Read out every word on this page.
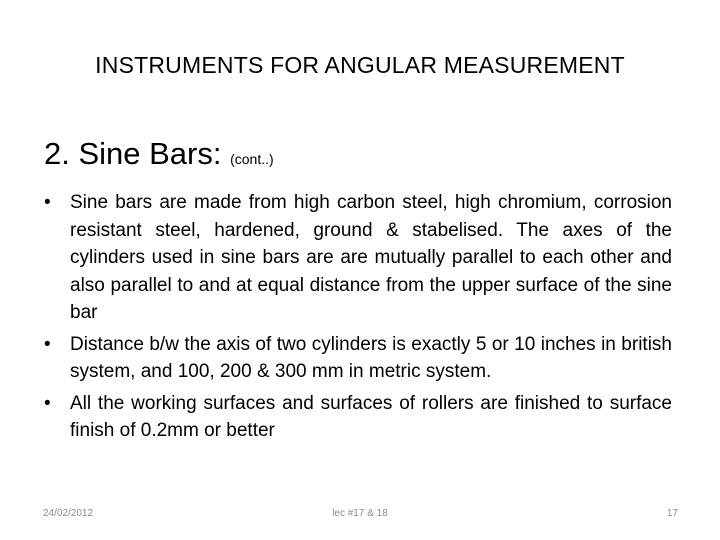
INSTRUMENTS FOR ANGULAR MEASUREMENT
2. Sine Bars: (cont..)
• Sine bars are made from high carbon steel, high chromium, corrosion resistant steel, hardened, ground & stabelised. The axes of the cylinders used in sine bars are are mutually parallel to each other and also parallel to and at equal distance from the upper surface of the sine bar
• Distance b/w the axis of two cylinders is exactly 5 or 10 inches in british system, and 100, 200 & 300 mm in metric system.
• All the working surfaces and surfaces of rollers are finished to surface finish of 0.2mm or better
24/02/2012	lec #17 & 18	17
